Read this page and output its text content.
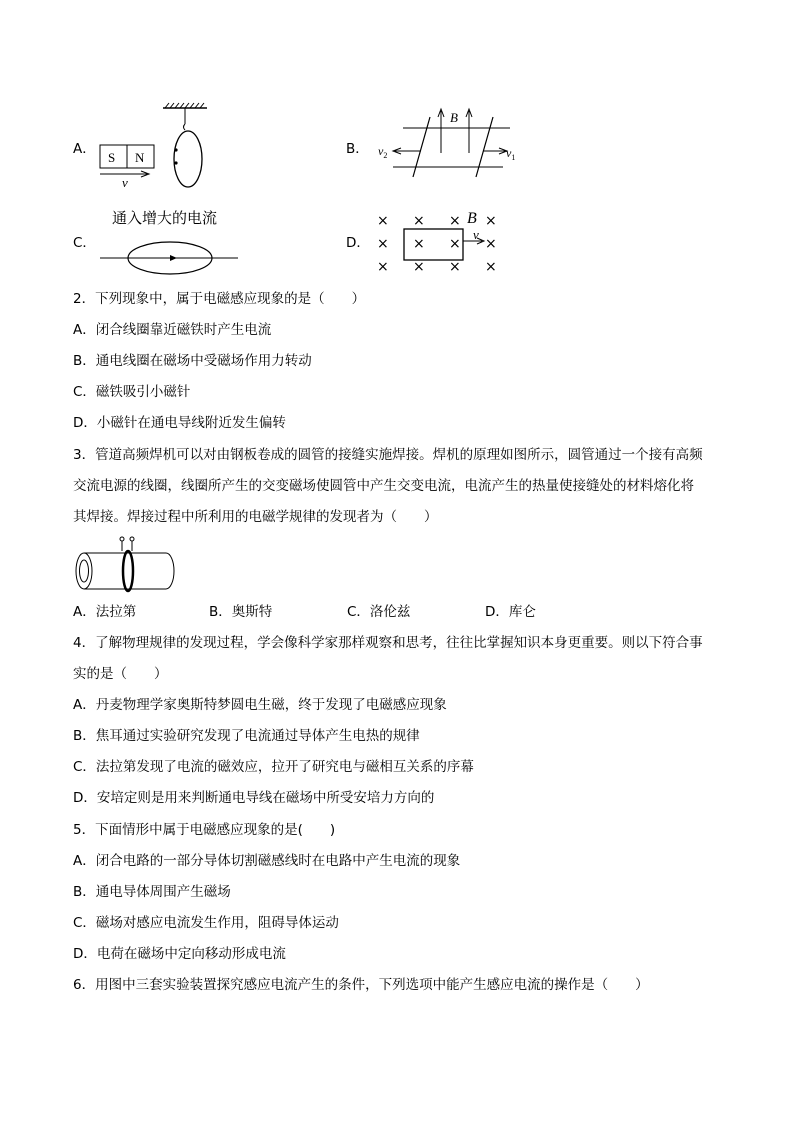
A．
S N
v
B．
B
$v_2$	$v_1$
C．
通入增大的电流
D．
× × × ×
× × × ×
× × × ×
B
v
2．下列现象中，属于电磁感应现象的是（　　）
A．闭合线圈靠近磁铁时产生电流
B．通电线圈在磁场中受磁场作用力转动
C．磁铁吸引小磁针
D．小磁针在通电导线附近发生偏转
3．管道高频焊机可以对由钢板卷成的圆管的接缝实施焊接。焊机的原理如图所示，圆管通过一个接有高频
交流电源的线圈，线圈所产生的交变磁场使圆管中产生交变电流，电流产生的热量使接缝处的材料熔化将
其焊接。焊接过程中所利用的电磁学规律的发现者为（　　）
A．法拉第	B．奥斯特	C．洛伦兹	D．库仑
4．了解物理规律的发现过程，学会像科学家那样观察和思考，往往比掌握知识本身更重要。则以下符合事
实的是（　　）
A．丹麦物理学家奥斯特梦圆电生磁，终于发现了电磁感应现象
B．焦耳通过实验研究发现了电流通过导体产生电热的规律
C．法拉第发现了电流的磁效应，拉开了研究电与磁相互关系的序幕
D．安培定则是用来判断通电导线在磁场中所受安培力方向的
5．下面情形中属于电磁感应现象的是(　　)
A．闭合电路的一部分导体切割磁感线时在电路中产生电流的现象
B．通电导体周围产生磁场
C．磁场对感应电流发生作用，阻碍导体运动
D．电荷在磁场中定向移动形成电流
6．用图中三套实验装置探究感应电流产生的条件，下列选项中能产生感应电流的操作是（　　）
